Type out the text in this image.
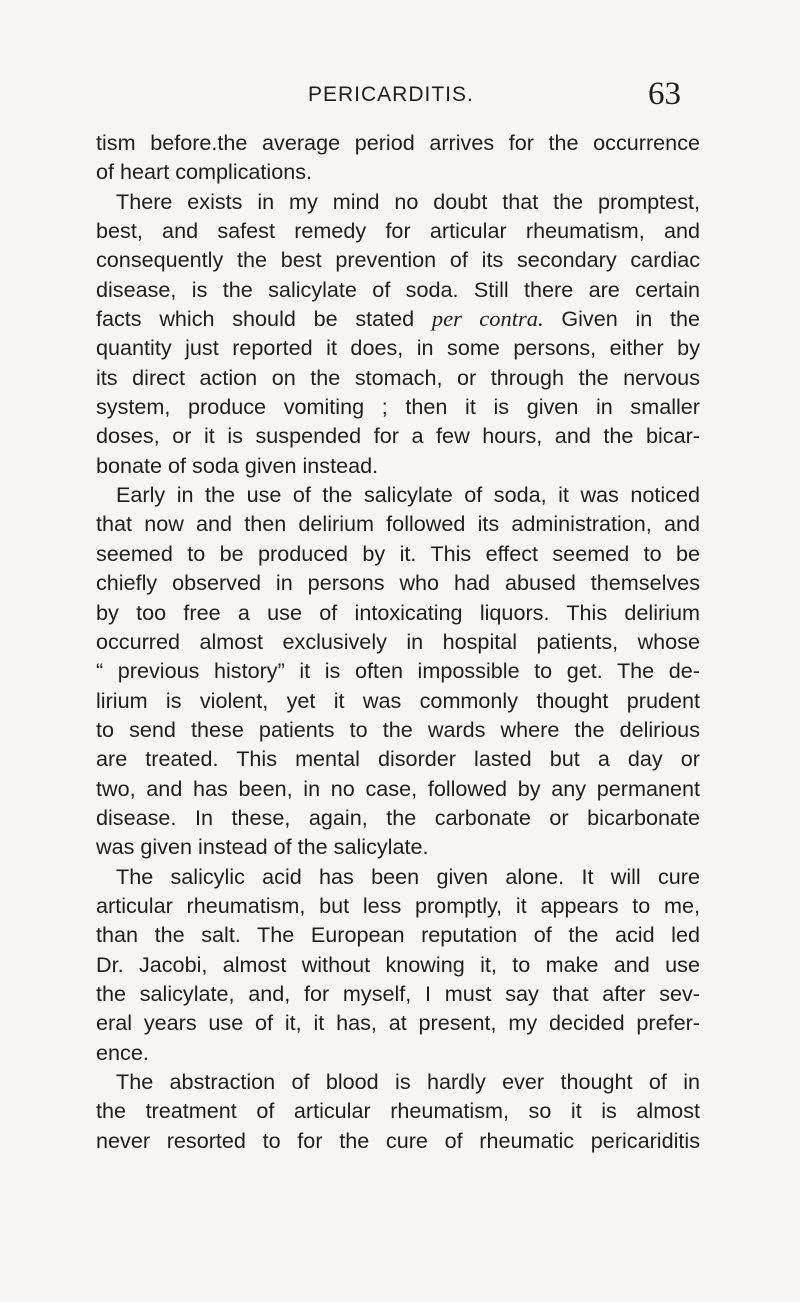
PERICARDITIS.	63
tism before.the average period arrives for the occurrence
of heart complications.
There exists in my mind no doubt that the promptest,
best, and safest remedy for articular rheumatism, and
consequently the best prevention of its secondary cardiac
disease, is the salicylate of soda. Still there are certain
facts which should be stated per contra. Given in the
quantity just reported it does, in some persons, either by
its direct action on the stomach, or through the nervous
system, produce vomiting ; then it is given in smaller
doses, or it is suspended for a few hours, and the bicar-
bonate of soda given instead.
Early in the use of the salicylate of soda, it was noticed
that now and then delirium followed its administration, and
seemed to be produced by it. This effect seemed to be
chiefly observed in persons who had abused themselves
by too free a use of intoxicating liquors. This delirium
occurred almost exclusively in hospital patients, whose
“ previous history” it is often impossible to get. The de-
lirium is violent, yet it was commonly thought prudent
to send these patients to the wards where the delirious
are treated. This mental disorder lasted but a day or
two, and has been, in no case, followed by any permanent
disease. In these, again, the carbonate or bicarbonate
was given instead of the salicylate.
The salicylic acid has been given alone. It will cure
articular rheumatism, but less promptly, it appears to me,
than the salt. The European reputation of the acid led
Dr. Jacobi, almost without knowing it, to make and use
the salicylate, and, for myself, I must say that after sev-
eral years use of it, it has, at present, my decided prefer-
ence.
The abstraction of blood is hardly ever thought of in
the treatment of articular rheumatism, so it is almost
never resorted to for the cure of rheumatic pericariditis
